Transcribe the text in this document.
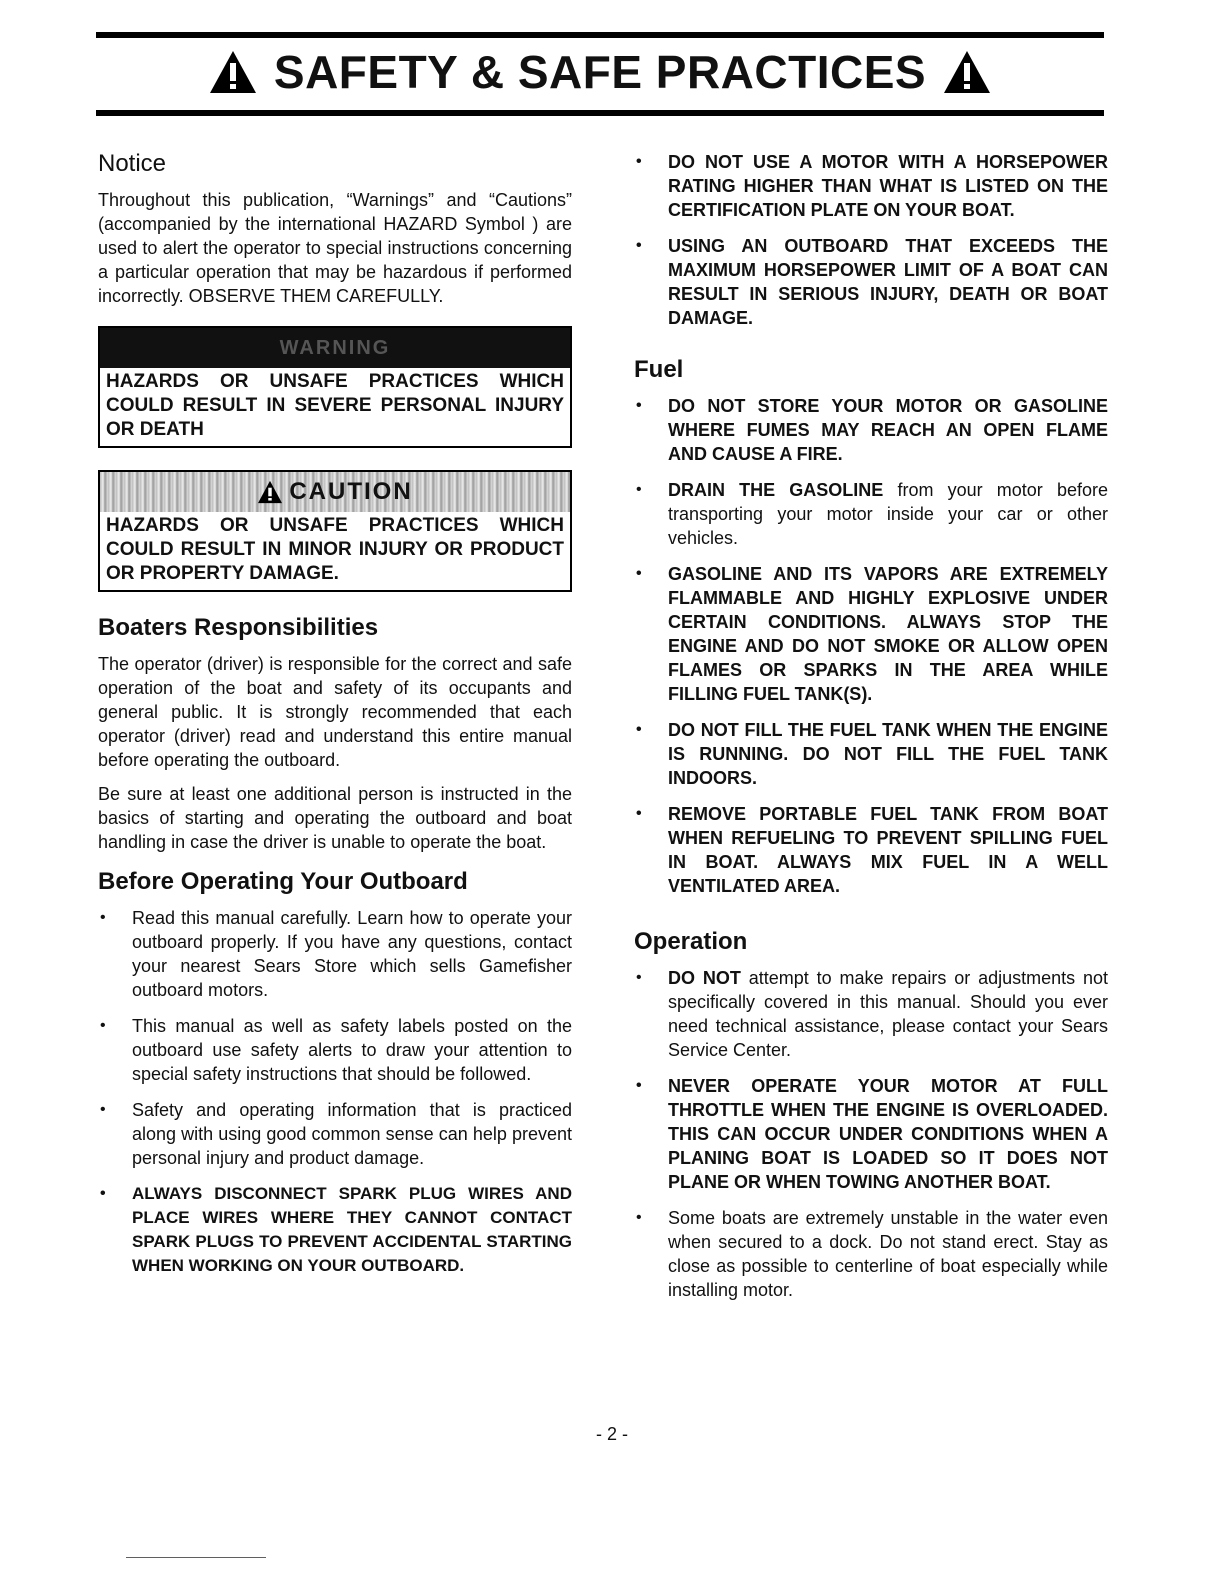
SAFETY & SAFE PRACTICES
Notice

Throughout this publication, “Warnings” and “Cautions” (accompanied by the international HAZARD Symbol ) are used to alert the operator to special instructions concerning a particular operation that may be hazardous if performed incorrectly. OBSERVE THEM CAREFULLY.

WARNING
HAZARDS OR UNSAFE PRACTICES WHICH COULD RESULT IN SEVERE PERSONAL INJURY OR DEATH
CAUTION
HAZARDS OR UNSAFE PRACTICES WHICH COULD RESULT IN MINOR INJURY OR PRODUCT OR PROPERTY DAMAGE.
Boaters Responsibilities

The operator (driver) is responsible for the correct and safe operation of the boat and safety of its occupants and general public. It is strongly recommended that each operator (driver) read and understand this entire manual before operating the outboard.

Be sure at least one additional person is instructed in the basics of starting and operating the outboard and boat handling in case the driver is unable to operate the boat.

Before Operating Your Outboard
• Read this manual carefully. Learn how to operate your outboard properly. If you have any questions, contact your nearest Sears Store which sells Gamefisher outboard motors.
• This manual as well as safety labels posted on the outboard use safety alerts to draw your attention to special safety instructions that should be followed.
• Safety and operating information that is practiced along with using good common sense can help prevent personal injury and product damage.
• ALWAYS DISCONNECT SPARK PLUG WIRES AND PLACE WIRES WHERE THEY CANNOT CONTACT SPARK PLUGS TO PREVENT ACCIDENTAL STARTING WHEN WORKING ON YOUR OUTBOARD.
• DO NOT USE A MOTOR WITH A HORSEPOWER RATING HIGHER THAN WHAT IS LISTED ON THE CERTIFICATION PLATE ON YOUR BOAT.
• USING AN OUTBOARD THAT EXCEEDS THE MAXIMUM HORSEPOWER LIMIT OF A BOAT CAN RESULT IN SERIOUS INJURY, DEATH OR BOAT DAMAGE.
Fuel
• DO NOT STORE YOUR MOTOR OR GASOLINE WHERE FUMES MAY REACH AN OPEN FLAME AND CAUSE A FIRE.
• DRAIN THE GASOLINE from your motor before transporting your motor inside your car or other vehicles.
• GASOLINE AND ITS VAPORS ARE EXTREMELY FLAMMABLE AND HIGHLY EXPLOSIVE UNDER CERTAIN CONDITIONS. ALWAYS STOP THE ENGINE AND DO NOT SMOKE OR ALLOW OPEN FLAMES OR SPARKS IN THE AREA WHILE FILLING FUEL TANK(S).
• DO NOT FILL THE FUEL TANK WHEN THE ENGINE IS RUNNING. DO NOT FILL THE FUEL TANK INDOORS.
• REMOVE PORTABLE FUEL TANK FROM BOAT WHEN REFUELING TO PREVENT SPILLING FUEL IN BOAT. ALWAYS MIX FUEL IN A WELL VENTILATED AREA.
Operation
• DO NOT attempt to make repairs or adjustments not specifically covered in this manual. Should you ever need technical assistance, please contact your Sears Service Center.
• NEVER OPERATE YOUR MOTOR AT FULL THROTTLE WHEN THE ENGINE IS OVERLOADED. THIS CAN OCCUR UNDER CONDITIONS WHEN A PLANING BOAT IS LOADED SO IT DOES NOT PLANE OR WHEN TOWING ANOTHER BOAT.
• Some boats are extremely unstable in the water even when secured to a dock. Do not stand erect. Stay as close as possible to centerline of boat especially while installing motor.
- 2 -
